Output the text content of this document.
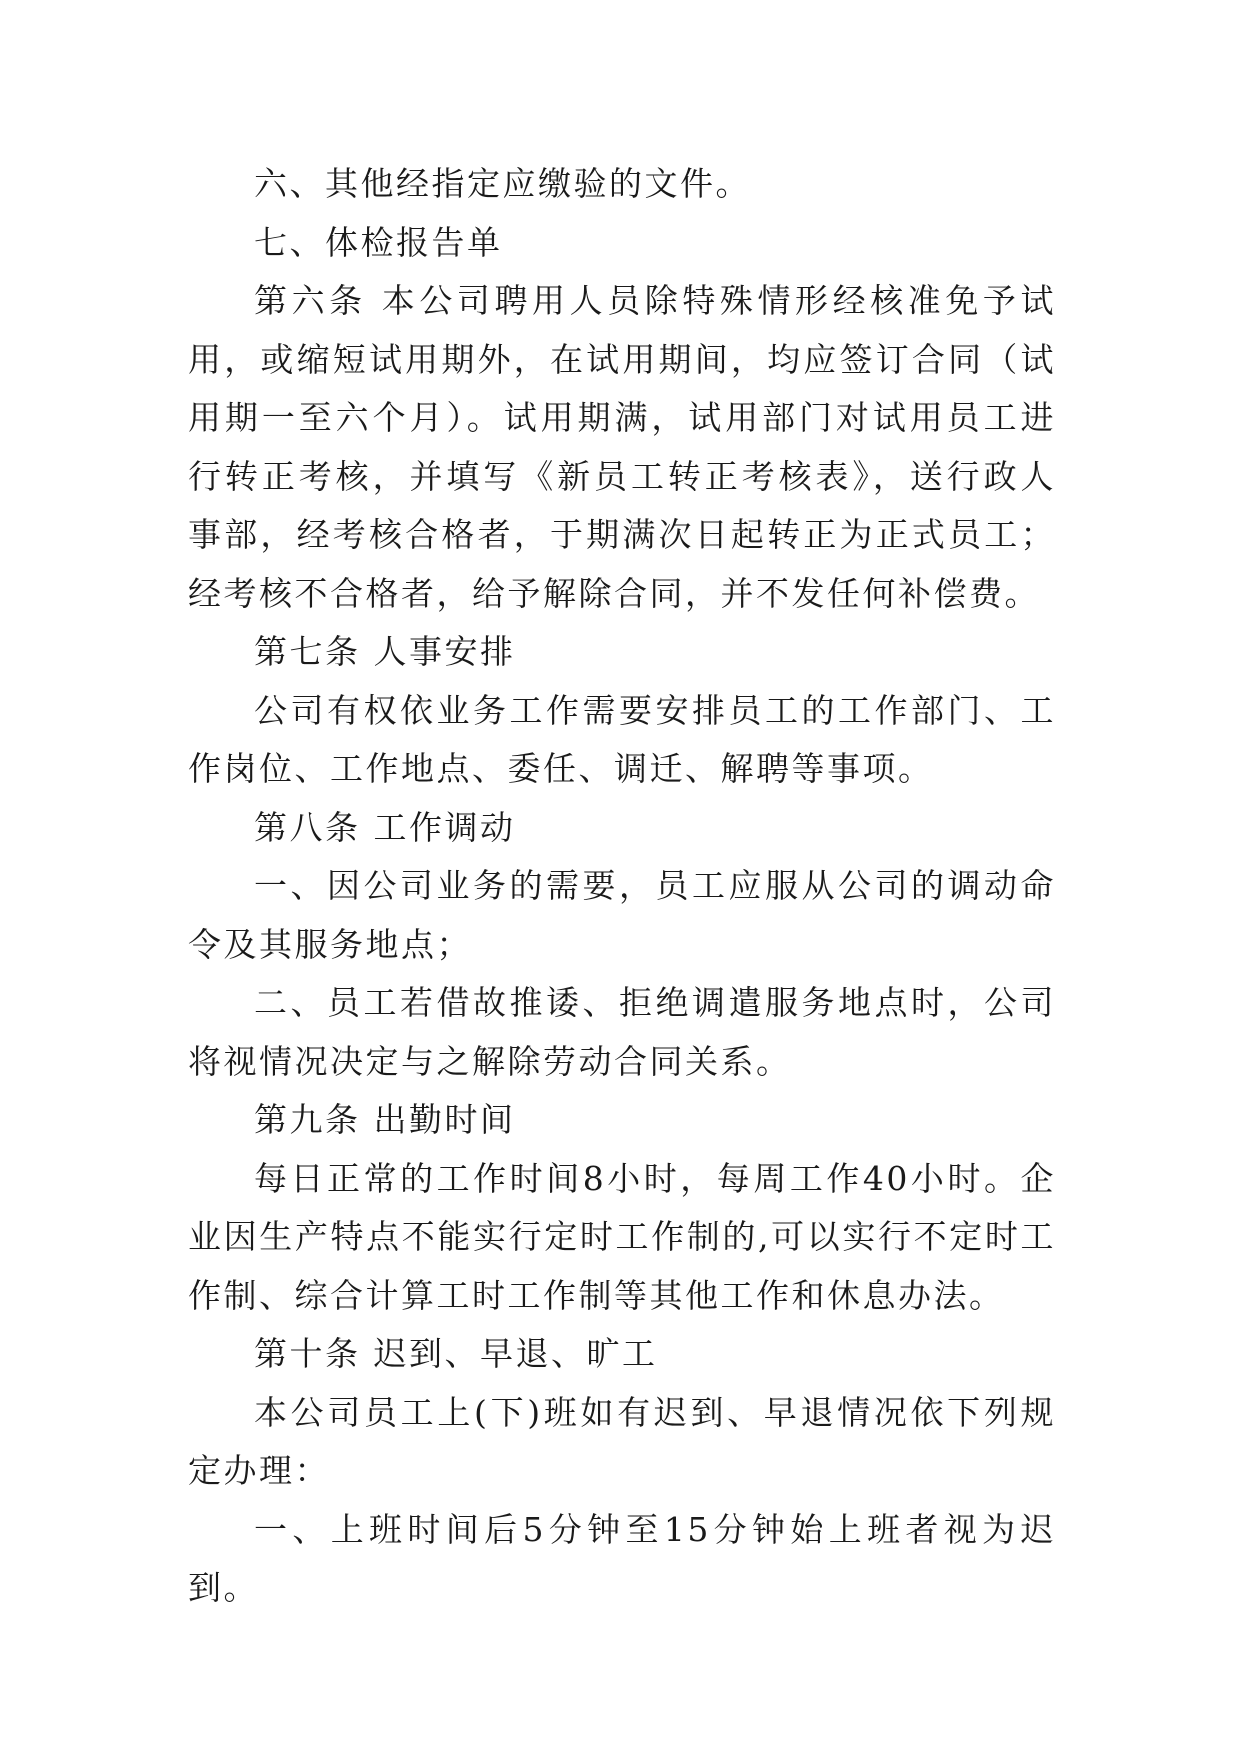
六、其他经指定应缴验的文件。

七、体检报告单

第六条 本公司聘用人员除特殊情形经核准免予试用，或缩短试用期外，在试用期间，均应签订合同（试用期一至六个月）。试用期满，试用部门对试用员工进行转正考核，并填写《新员工转正考核表》，送行政人事部，经考核合格者，于期满次日起转正为正式员工；经考核不合格者，给予解除合同，并不发任何补偿费。

第七条 人事安排

公司有权依业务工作需要安排员工的工作部门、工作岗位、工作地点、委任、调迁、解聘等事项。

第八条 工作调动

一、因公司业务的需要，员工应服从公司的调动命令及其服务地点；

二、员工若借故推诿、拒绝调遣服务地点时，公司将视情况决定与之解除劳动合同关系。

第九条 出勤时间

每日正常的工作时间8小时，每周工作40小时。企业因生产特点不能实行定时工作制的,可以实行不定时工作制、综合计算工时工作制等其他工作和休息办法。

第十条 迟到、早退、旷工

本公司员工上(下)班如有迟到、早退情况依下列规定办理：

一、上班时间后5分钟至15分钟始上班者视为迟到。
